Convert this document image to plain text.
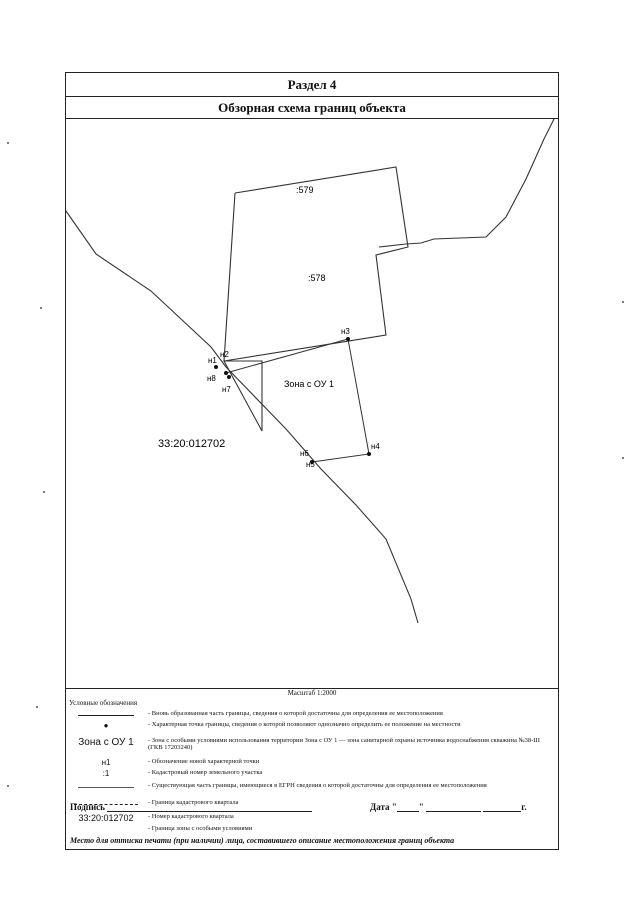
Раздел 4
Обзорная схема границ объекта
:579
:578
Зона с ОУ 1
33:20:012702
н1
н2
н3
н4
н5
н6
н7
н8
Масштаб 1:2000
Условные обозначения
- Вновь образованная часть границы, сведения о которой достаточны для определения ее местоположения
●	- Характерная точка границы, сведения о которой позволяют однозначно определить ее положение на местности
Зона с ОУ 1	- Зона с особыми условиями использования территории Зона с ОУ 1 — зона санитарной охраны источника водоснабжения скважина №38-Ш (ГКВ 17203240)
н1	- Обозначение новой характерной точки
:1	- Кадастровый номер земельного участка
- Существующая часть границы, имеющиеся в ЕГРН сведения о которой достаточны для определения ее местоположения
- Граница кадастрового квартала
33:20:012702	- Номер кадастрового квартала
- Граница зоны с особыми условиями
Подпись	Дата " "	г.
Место для оттиска печати (при наличии) лица, составившего описание местоположения границ объекта
